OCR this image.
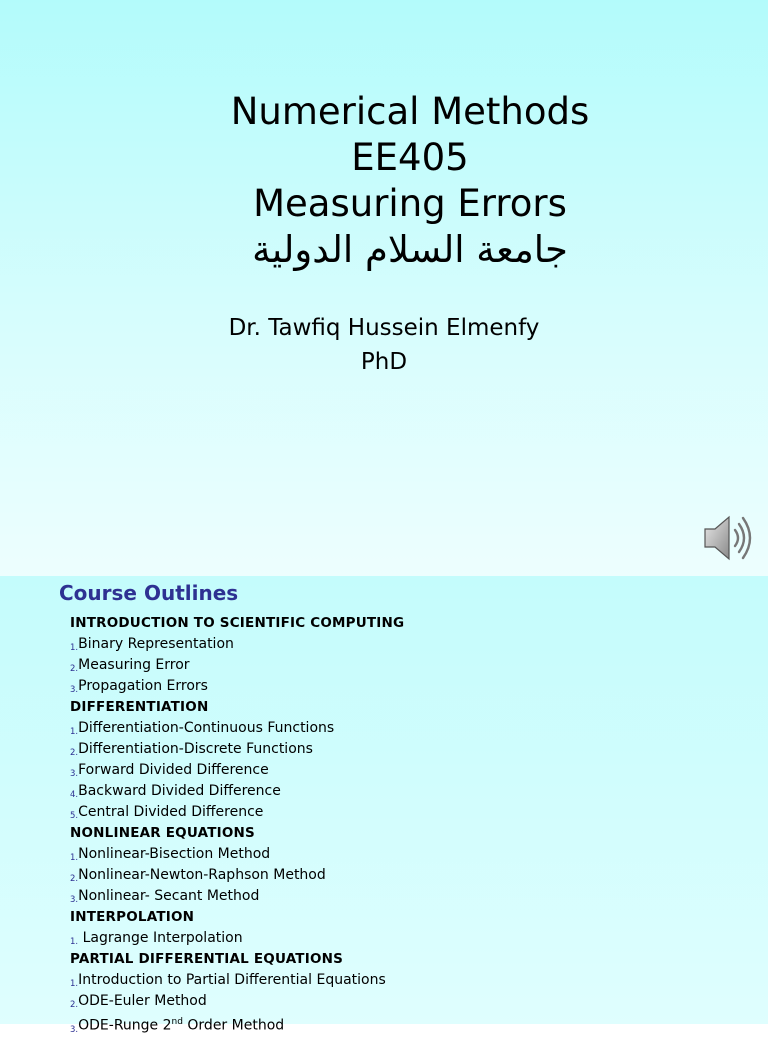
Numerical Methods
EE405
Measuring Errors
جامعة السلام الدولية
Dr. Tawfiq Hussein Elmenfy
PhD
Course Outlines
INTRODUCTION TO SCIENTIFIC COMPUTING
1.Binary Representation
2.Measuring Error
3.Propagation Errors
DIFFERENTIATION
1.Differentiation-Continuous Functions
2.Differentiation-Discrete Functions
3.Forward Divided Difference
4.Backward Divided Difference
5.Central Divided Difference
NONLINEAR EQUATIONS
1.Nonlinear-Bisection Method
2.Nonlinear-Newton-Raphson Method
3.Nonlinear- Secant Method
INTERPOLATION
1. Lagrange Interpolation
PARTIAL DIFFERENTIAL EQUATIONS
1.Introduction to Partial Differential Equations
2.ODE-Euler Method
3.ODE-Runge 2nd Order Method
